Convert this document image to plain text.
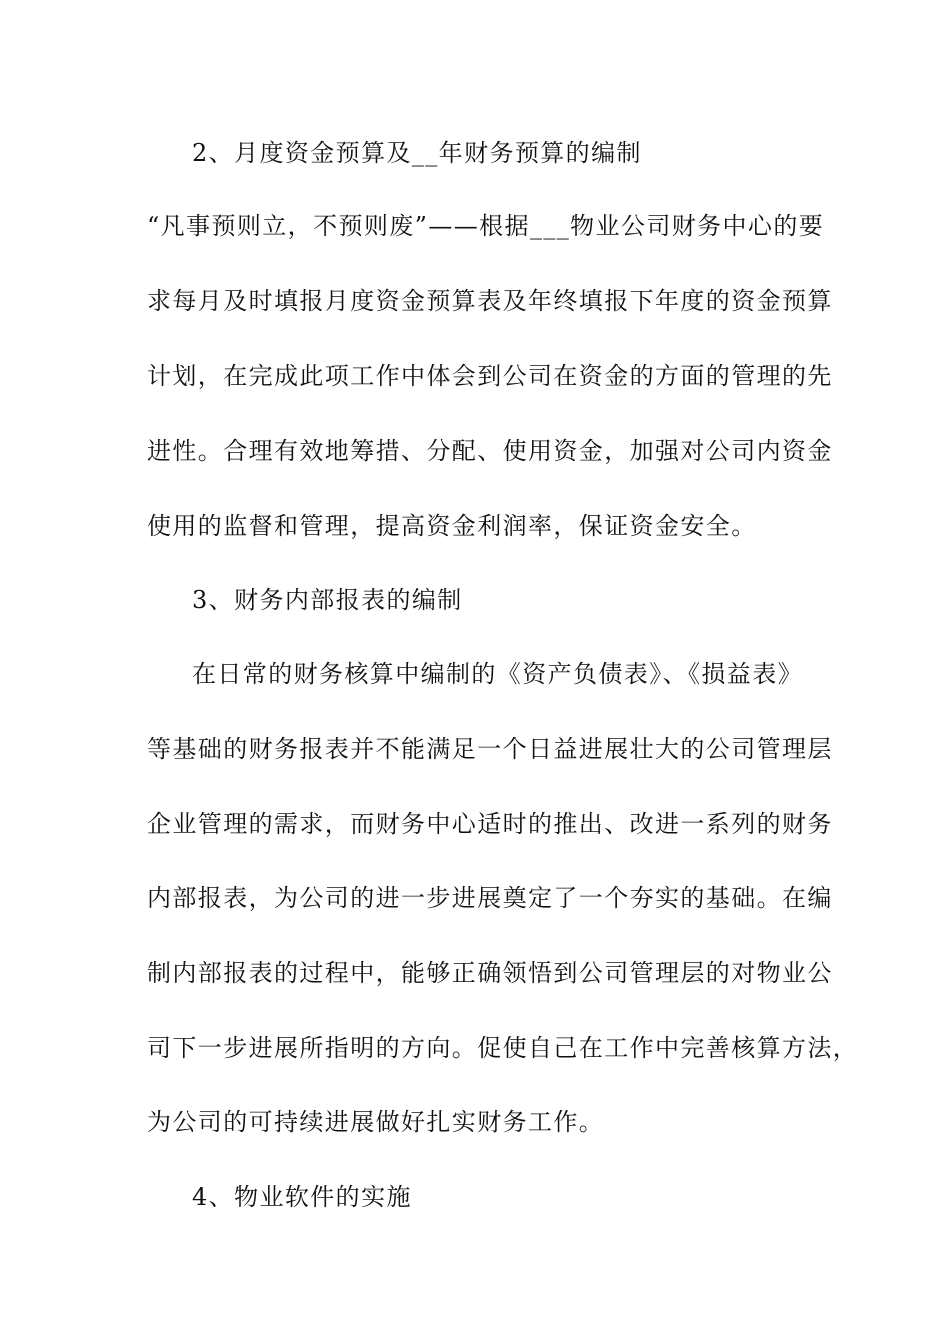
2、月度资金预算及__年财务预算的编制
“凡事预则立，不预则废”——根据___物业公司财务中心的要
求每月及时填报月度资金预算表及年终填报下年度的资金预算
计划，在完成此项工作中体会到公司在资金的方面的管理的先
进性。合理有效地筹措、分配、使用资金，加强对公司内资金
使用的监督和管理，提高资金利润率，保证资金安全。
3、财务内部报表的编制
在日常的财务核算中编制的《资产负债表》、《损益表》
等基础的财务报表并不能满足一个日益进展壮大的公司管理层
企业管理的需求，而财务中心适时的推出、改进一系列的财务
内部报表，为公司的进一步进展奠定了一个夯实的基础。在编
制内部报表的过程中，能够正确领悟到公司管理层的对物业公
司下一步进展所指明的方向。促使自己在工作中完善核算方法，
为公司的可持续进展做好扎实财务工作。
4、物业软件的实施
